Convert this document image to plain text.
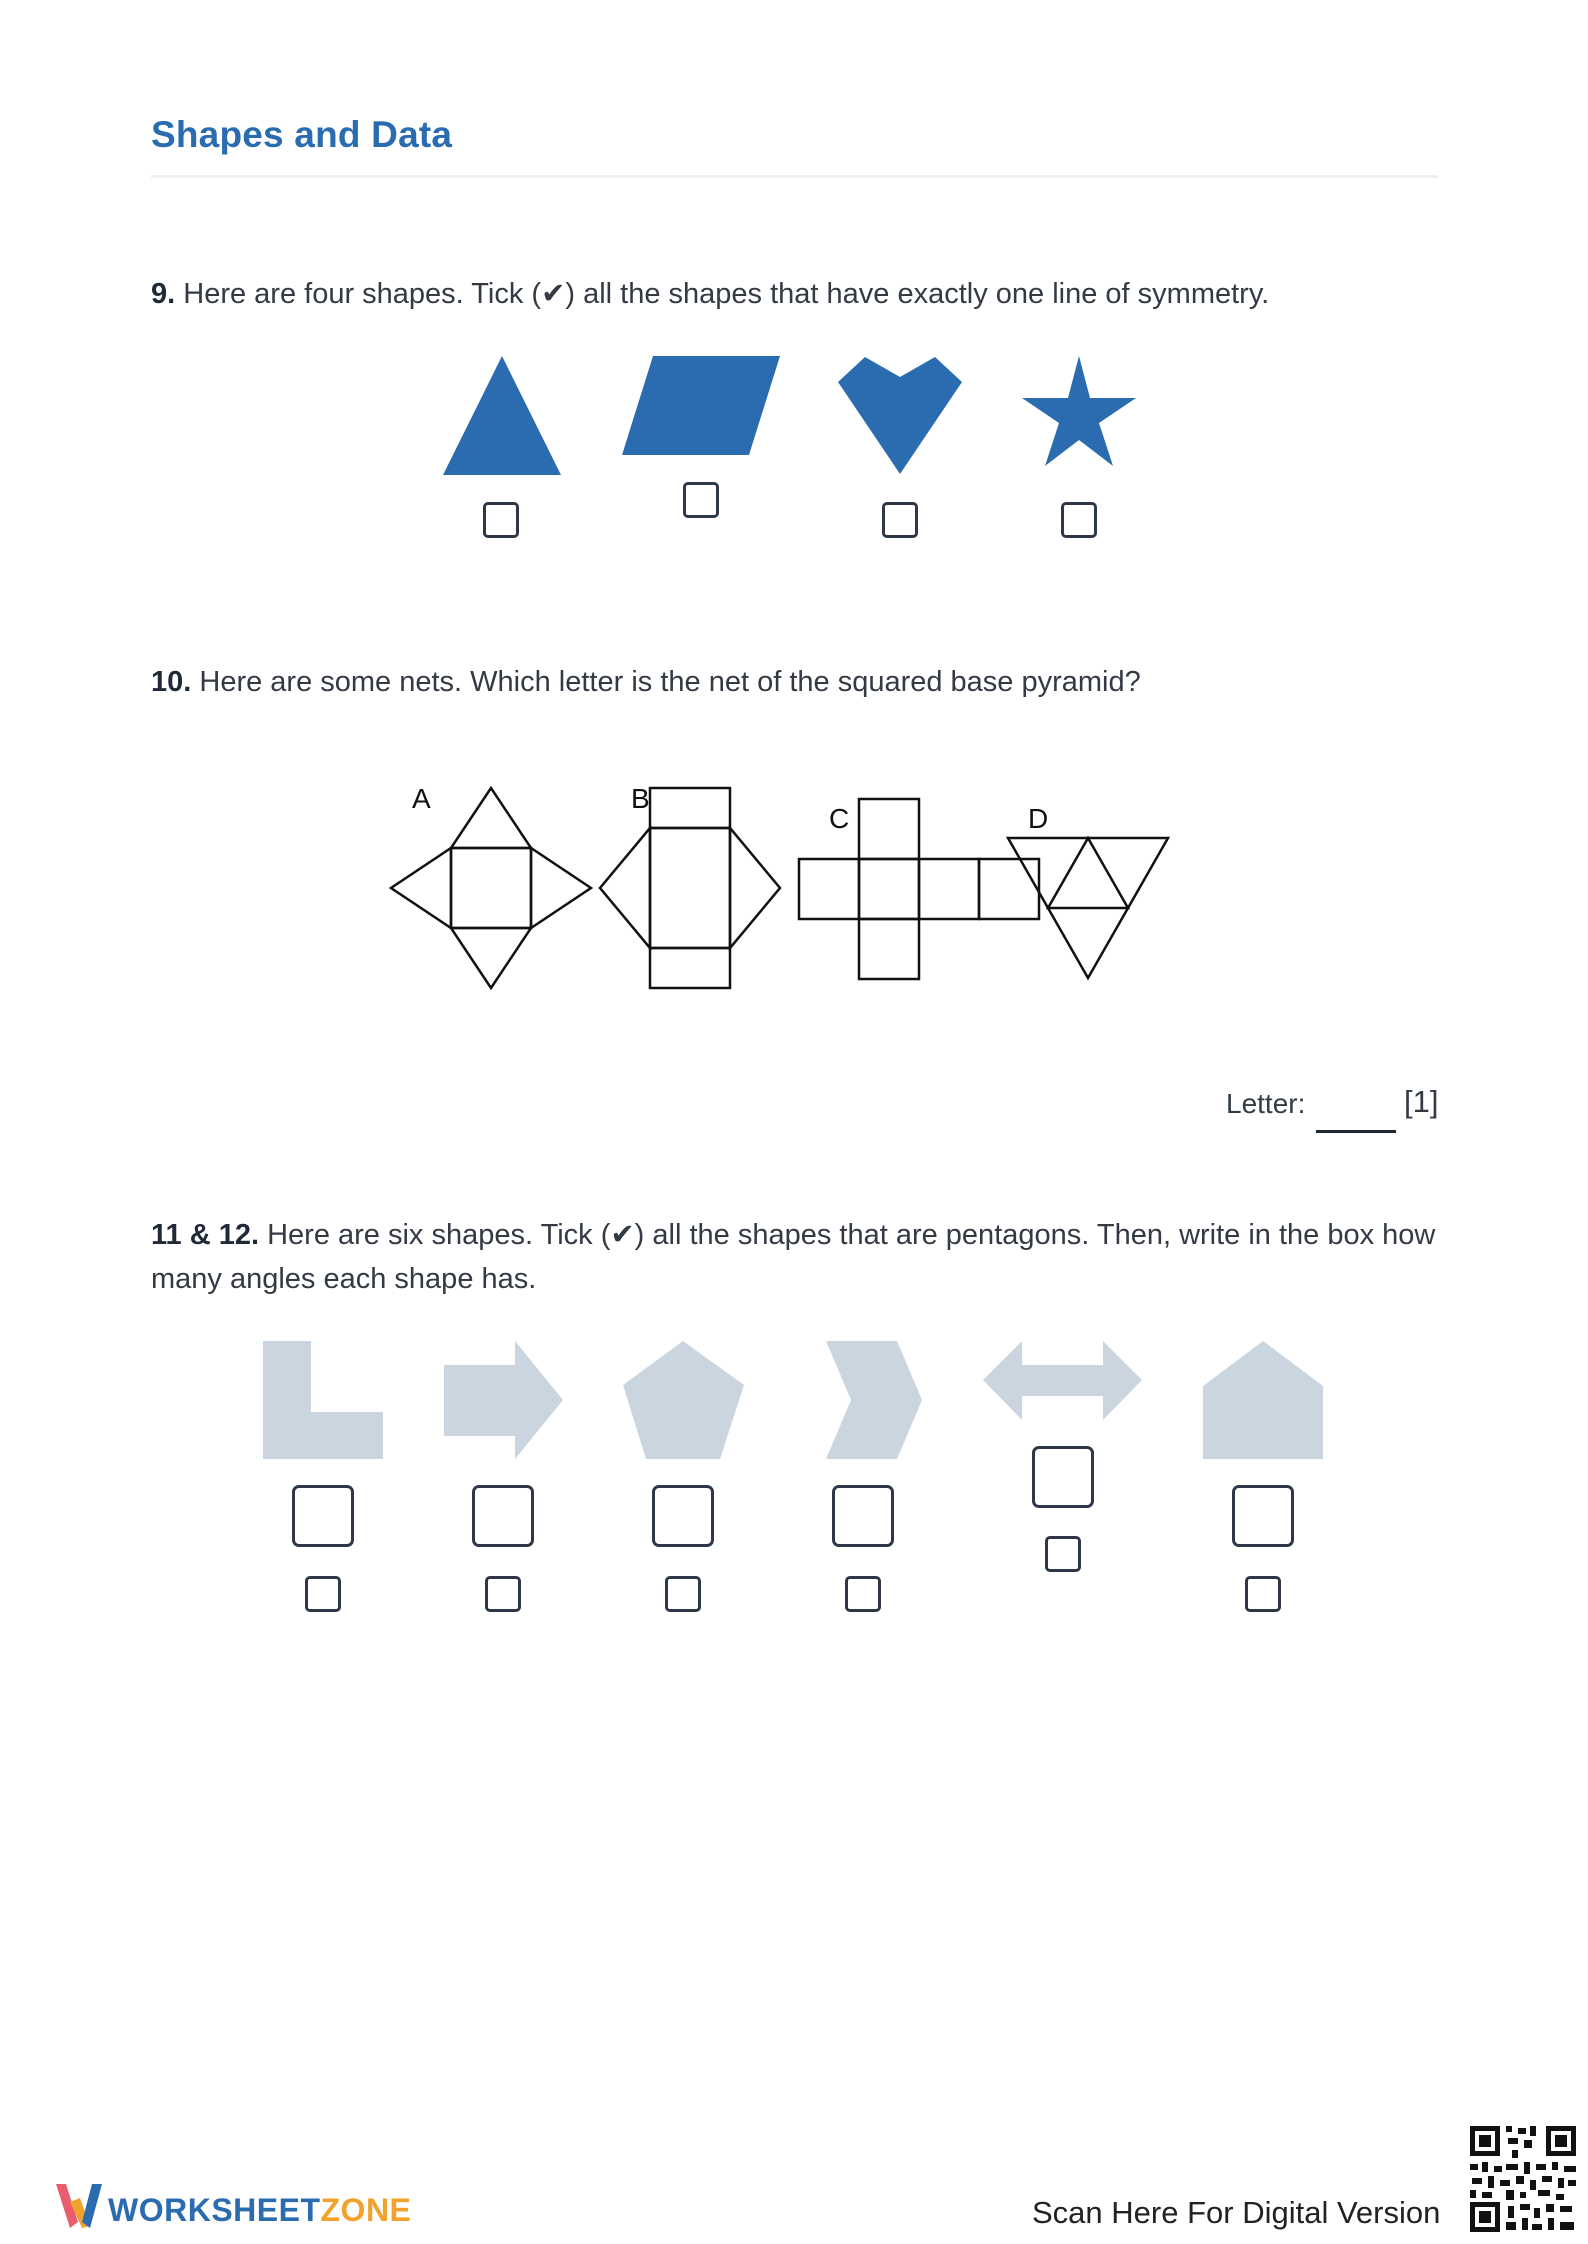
Shapes and Data
9. Here are four shapes. Tick (✔) all the shapes that have exactly one line of symmetry.
10. Here are some nets. Which letter is the net of the squared base pyramid?
A	B
C	D
Letter:	[1]
11 & 12. Here are six shapes. Tick (✔) all the shapes that are pentagons. Then, write in the box how many angles each shape has.
WORKSHEETZONE	Scan Here For Digital Version
